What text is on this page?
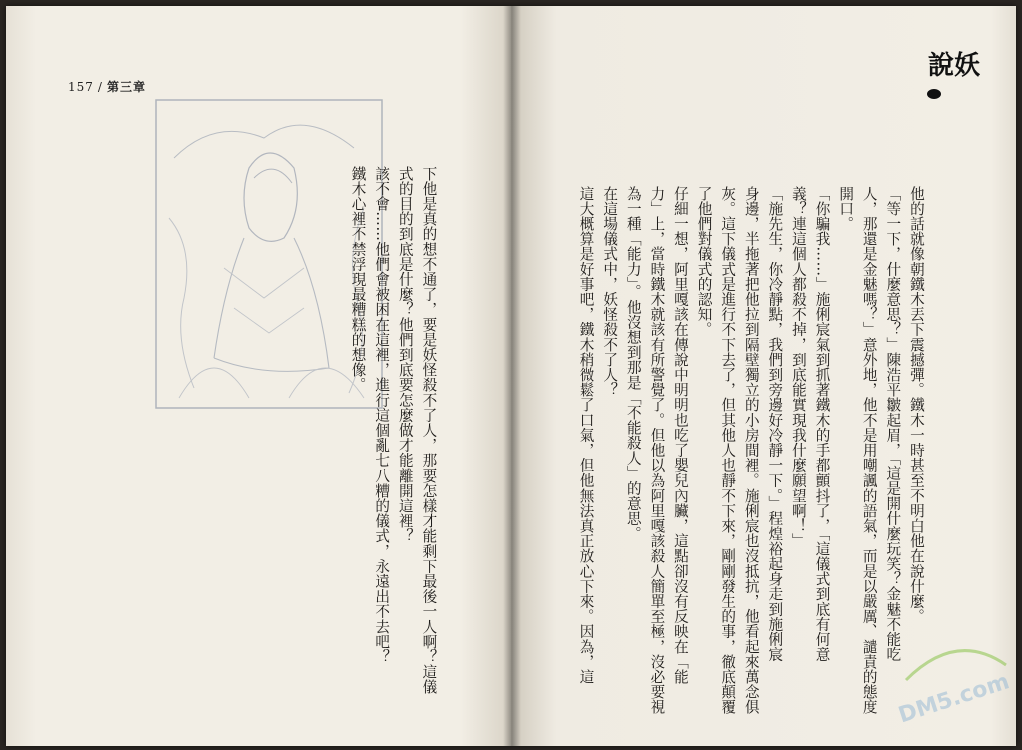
157 / 第三章
他的話就像朝鐵木丟下震撼彈。鐵木一時甚至不明白他在說什麼。
「等一下，什麼意思？」陳浩平皺起眉，「這是開什麼玩笑？金魅不能吃
人，那還是金魅嗎？」意外地，他不是用嘲諷的語氣，而是以嚴厲、譴責的態度
開口。
「你騙我……」施俐宸氣到抓著鐵木的手都顫抖了，「這儀式到底有何意
義？連這個人都殺不掉，到底能實現我什麼願望啊！」
「施先生，你冷靜點，我們到旁邊好冷靜一下。」程煌裕起身走到施俐宸
身邊，半拖著把他拉到隔壁獨立的小房間裡。施俐宸也沒抵抗，他看起來萬念俱
灰。這下儀式是進行不下去了，但其他人也靜不下來，剛剛發生的事，徹底顛覆
了他們對儀式的認知。
仔細一想，阿里嘎該在傳說中明明也吃了嬰兒內臟，這點卻沒有反映在「能
力」上，當時鐵木就該有所警覺了。但他以為阿里嘎該殺人簡單至極，沒必要視
為一種「能力」。他沒想到那是「不能殺人」的意思。
在這場儀式中，妖怪殺不了人？
這大概算是好事吧，鐵木稍微鬆了口氣，但他無法真正放心下來。因為，這
下他是真的想不通了，要是妖怪殺不了人，那要怎樣才能剩下最後一人啊？這儀
式的目的到底是什麼？他們到底要怎麼做才能離開這裡？
該不會……他們會被困在這裡，進行這個亂七八糟的儀式，永遠出不去吧？
鐵木心裡不禁浮現最糟糕的想像。
說妖
DM5.com
